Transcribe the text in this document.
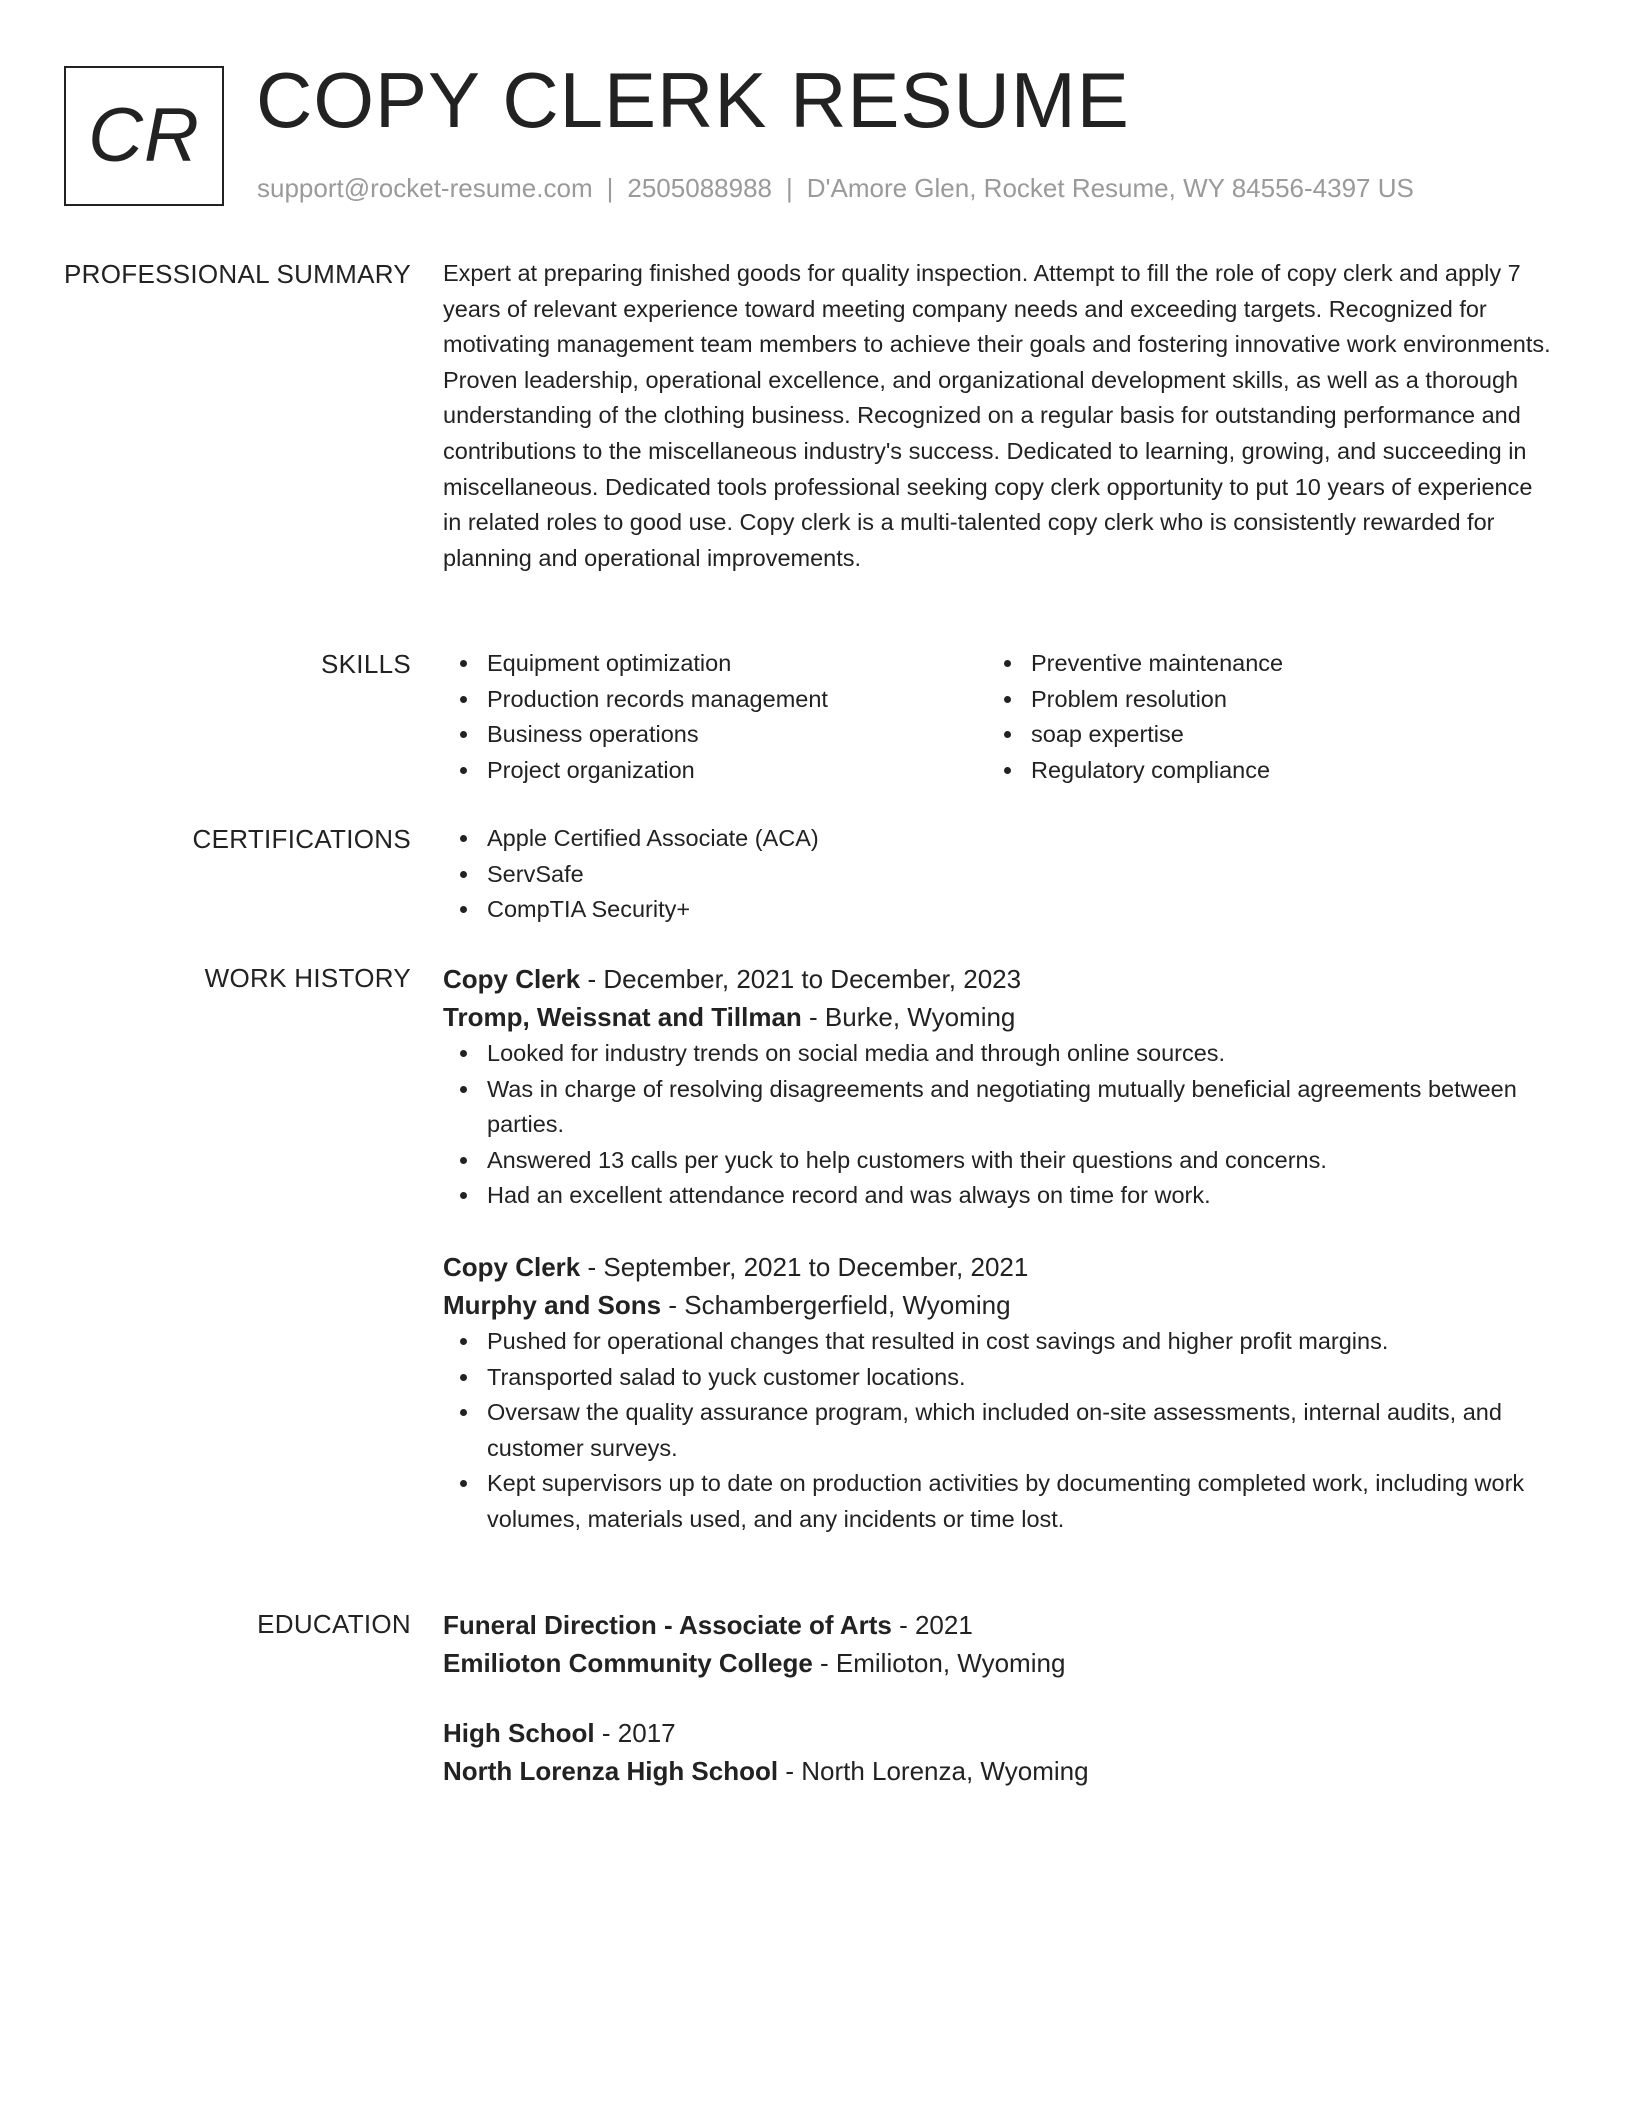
CR COPY CLERK RESUME
support@rocket-resume.com | 2505088988 | D'Amore Glen, Rocket Resume, WY 84556-4397 US
PROFESSIONAL SUMMARY Expert at preparing finished goods for quality inspection. Attempt to fill the role of copy clerk and apply 7 years of relevant experience toward meeting company needs and exceeding targets. Recognized for motivating management team members to achieve their goals and fostering innovative work environments. Proven leadership, operational excellence, and organizational development skills, as well as a thorough understanding of the clothing business. Recognized on a regular basis for outstanding performance and contributions to the miscellaneous industry's success. Dedicated to learning, growing, and succeeding in miscellaneous. Dedicated tools professional seeking copy clerk opportunity to put 10 years of experience in related roles to good use. Copy clerk is a multi-talented copy clerk who is consistently rewarded for planning and operational improvements.

SKILLS	Equipment optimization
Production records management
Business operations
Project organization
Preventive maintenance
Problem resolution
soap expertise
Regulatory compliance
CERTIFICATIONS	Apple Certified Associate (ACA)
ServSafe
CompTIA Security+
WORK HISTORY Copy Clerk - December, 2021 to December, 2023
Tromp, Weissnat and Tillman - Burke, Wyoming
Looked for industry trends on social media and through online sources.
Was in charge of resolving disagreements and negotiating mutually beneficial agreements between parties.
Answered 13 calls per yuck to help customers with their questions and concerns.
Had an excellent attendance record and was always on time for work.
Copy Clerk - September, 2021 to December, 2021
Murphy and Sons - Schambergerfield, Wyoming
Pushed for operational changes that resulted in cost savings and higher profit margins.
Transported salad to yuck customer locations.
Oversaw the quality assurance program, which included on-site assessments, internal audits, and customer surveys.
Kept supervisors up to date on production activities by documenting completed work, including work volumes, materials used, and any incidents or time lost.
EDUCATION Funeral Direction - Associate of Arts - 2021
Emilioton Community College - Emilioton, Wyoming
High School - 2017
North Lorenza High School - North Lorenza, Wyoming
